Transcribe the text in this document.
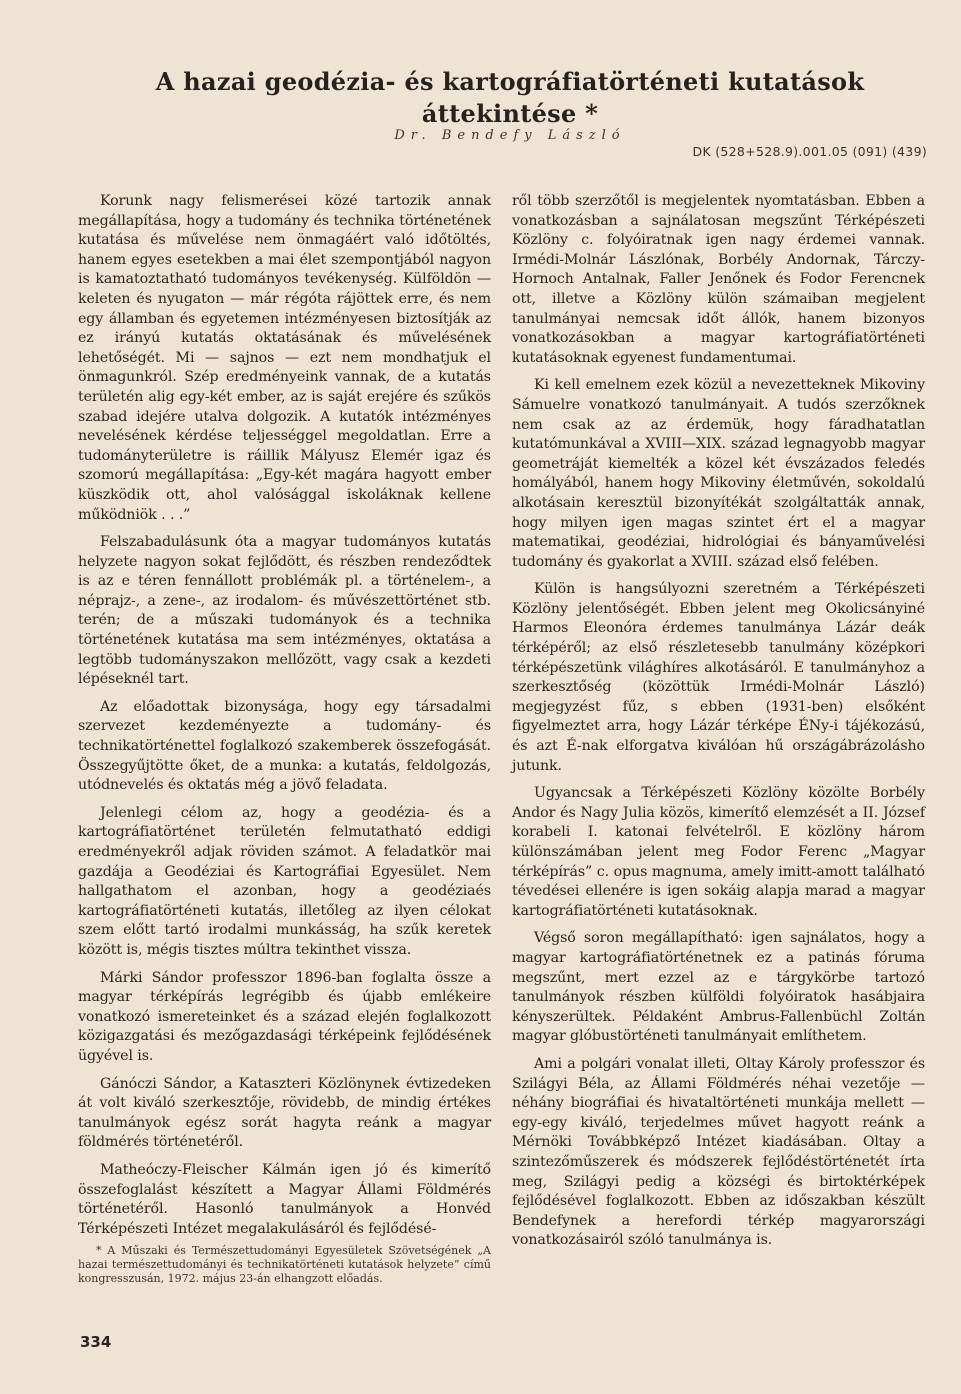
A hazai geodézia- és kartográfiatörténeti kutatások
áttekintése *
Dr. Bendefy László
DK (528+528.9).001.05 (091) (439)

Korunk nagy felismerései közé tartozik annak megállapítása, hogy a tudomány és technika történetének kutatása és művelése nem önmagáért való időtöltés, hanem egyes esetekben a mai élet szempontjából nagyon is kamatoztatható tudományos tevékenység. Külföldön — keleten és nyugaton — már régóta rájöttek erre, és nem egy államban és egyetemen intézményesen biztosítják az ez irányú kutatás oktatásának és művelésének lehetőségét. Mi — sajnos — ezt nem mondhatjuk el önmagunkról. Szép eredményeink vannak, de a kutatás területén alig egy-két ember, az is saját erejére és szűkös szabad idejére utalva dolgozik. A kutatók intézményes nevelésének kérdése teljességgel megoldatlan. Erre a tudományterületre is ráillik Mályusz Elemér igaz és szomorú megállapítása: „Egy-két magára hagyott ember küszködik ott, ahol valósággal iskoláknak kellene működniök . . .”

Felszabadulásunk óta a magyar tudományos kutatás helyzete nagyon sokat fejlődött, és részben rendeződtek is az e téren fennállott problémák pl. a történelem-, a néprajz-, a zene-, az irodalom- és művészettörténet stb. terén; de a műszaki tudományok és a technika történetének kutatása ma sem intézményes, oktatása a legtöbb tudományszakon mellőzött, vagy csak a kezdeti lépéseknél tart.

Az előadottak bizonysága, hogy egy társadalmi szervezet kezdeményezte a tudomány- és technikatörténettel foglalkozó szakemberek összefogását. Összegyűjtötte őket, de a munka: a kutatás, feldolgozás, utódnevelés és oktatás még a jövő feladata.

Jelenlegi célom az, hogy a geodézia- és a kartográfiatörténet területén felmutatható eddigi eredményekről adjak röviden számot. A feladatkör mai gazdája a Geodéziai és Kartográfiai Egyesület. Nem hallgathatom el azonban, hogy a geodéziaés kartográfiatörténeti kutatás, illetőleg az ilyen célokat szem előtt tartó irodalmi munkásság, ha szűk keretek között is, mégis tisztes múltra tekinthet vissza.

Márki Sándor professzor 1896-ban foglalta össze a magyar térképírás legrégibb és újabb emlékeire vonatkozó ismereteinket és a század elején foglalkozott közigazgatási és mezőgazdasági térképeink fejlődésének ügyével is.

Gánóczi Sándor, a Kataszteri Közlönynek évtizedeken át volt kiváló szerkesztője, rövidebb, de mindig értékes tanulmányok egész sorát hagyta reánk a magyar földmérés történetéről.

Matheóczy-Fleischer Kálmán igen jó és kimerítő összefoglalást készített a Magyar Állami Földmérés történetéről. Hasonló tanulmányok a Honvéd Térképészeti Intézet megalakulásáról és fejlődésé-

ről több szerzőtől is megjelentek nyomtatásban. Ebben a vonatkozásban a sajnálatosan megszűnt Térképészeti Közlöny c. folyóiratnak igen nagy érdemei vannak. Irmédi-Molnár Lászlónak, Borbély Andornak, Tárczy-Hornoch Antalnak, Faller Jenőnek és Fodor Ferencnek ott, illetve a Közlöny külön számaiban megjelent tanulmányai nemcsak időt állók, hanem bizonyos vonatkozásokban a magyar kartográfiatörténeti kutatásoknak egyenest fundamentumai.

Ki kell emelnem ezek közül a nevezetteknek Mikoviny Sámuelre vonatkozó tanulmányait. A tudós szerzőknek nem csak az az érdemük, hogy fáradhatatlan kutatómunkával a XVIII—XIX. század legnagyobb magyar geometráját kiemelték a közel két évszázados feledés homályából, hanem hogy Mikoviny életművén, sokoldalú alkotásain keresztül bizonyítékát szolgáltatták annak, hogy milyen igen magas szintet ért el a magyar matematikai, geodéziai, hidrológiai és bányaművelési tudomány és gyakorlat a XVIII. század első felében.

Külön is hangsúlyozni szeretném a Térképészeti Közlöny jelentőségét. Ebben jelent meg Okolicsányiné Harmos Eleonóra érdemes tanulmánya Lázár deák térképéről; az első részletesebb tanulmány középkori térképészetünk világhíres alkotásáról. E tanulmányhoz a szerkesztőség (közöttük Irmédi-Molnár László) megjegyzést fűz, s ebben (1931-ben) elsőként figyelmeztet arra, hogy Lázár térképe ÉNy-i tájékozású, és azt É-nak elforgatva kiválóan hű országábrázolásho jutunk.

Ugyancsak a Térképészeti Közlöny közölte Borbély Andor és Nagy Julia közös, kimerítő elemzését a II. József korabeli I. katonai felvételről. E közlöny három különszámában jelent meg Fodor Ferenc „Magyar térképírás” c. opus magnuma, amely imitt-amott található tévedései ellenére is igen sokáig alapja marad a magyar kartográfiatörténeti kutatásoknak.

Végső soron megállapítható: igen sajnálatos, hogy a magyar kartográfiatörténetnek ez a patinás fóruma megszűnt, mert ezzel az e tárgykörbe tartozó tanulmányok részben külföldi folyóiratok hasábjaira kényszerültek. Példaként Ambrus-Fallenbüchl Zoltán magyar glóbustörténeti tanulmányait említhetem.

Ami a polgári vonalat illeti, Oltay Károly professzor és Szilágyi Béla, az Állami Földmérés néhai vezetője — néhány biográfiai és hivataltörténeti munkája mellett — egy-egy kiváló, terjedelmes művet hagyott reánk a Mérnöki Továbbképző Intézet kiadásában. Oltay a szintezőműszerek és módszerek fejlődéstörténetét írta meg, Szilágyi pedig a községi és birtoktérképek fejlődésével foglalkozott. Ebben az időszakban készült Bendefynek a herefordi térkép magyarországi vonatkozásairól szóló tanulmánya is.

* A Műszaki és Természettudományi Egyesületek Szövetségének „A hazai természettudományi és technikatörténeti kutatások helyzete” című kongresszusán, 1972. május 23-án elhangzott előadás.

334
